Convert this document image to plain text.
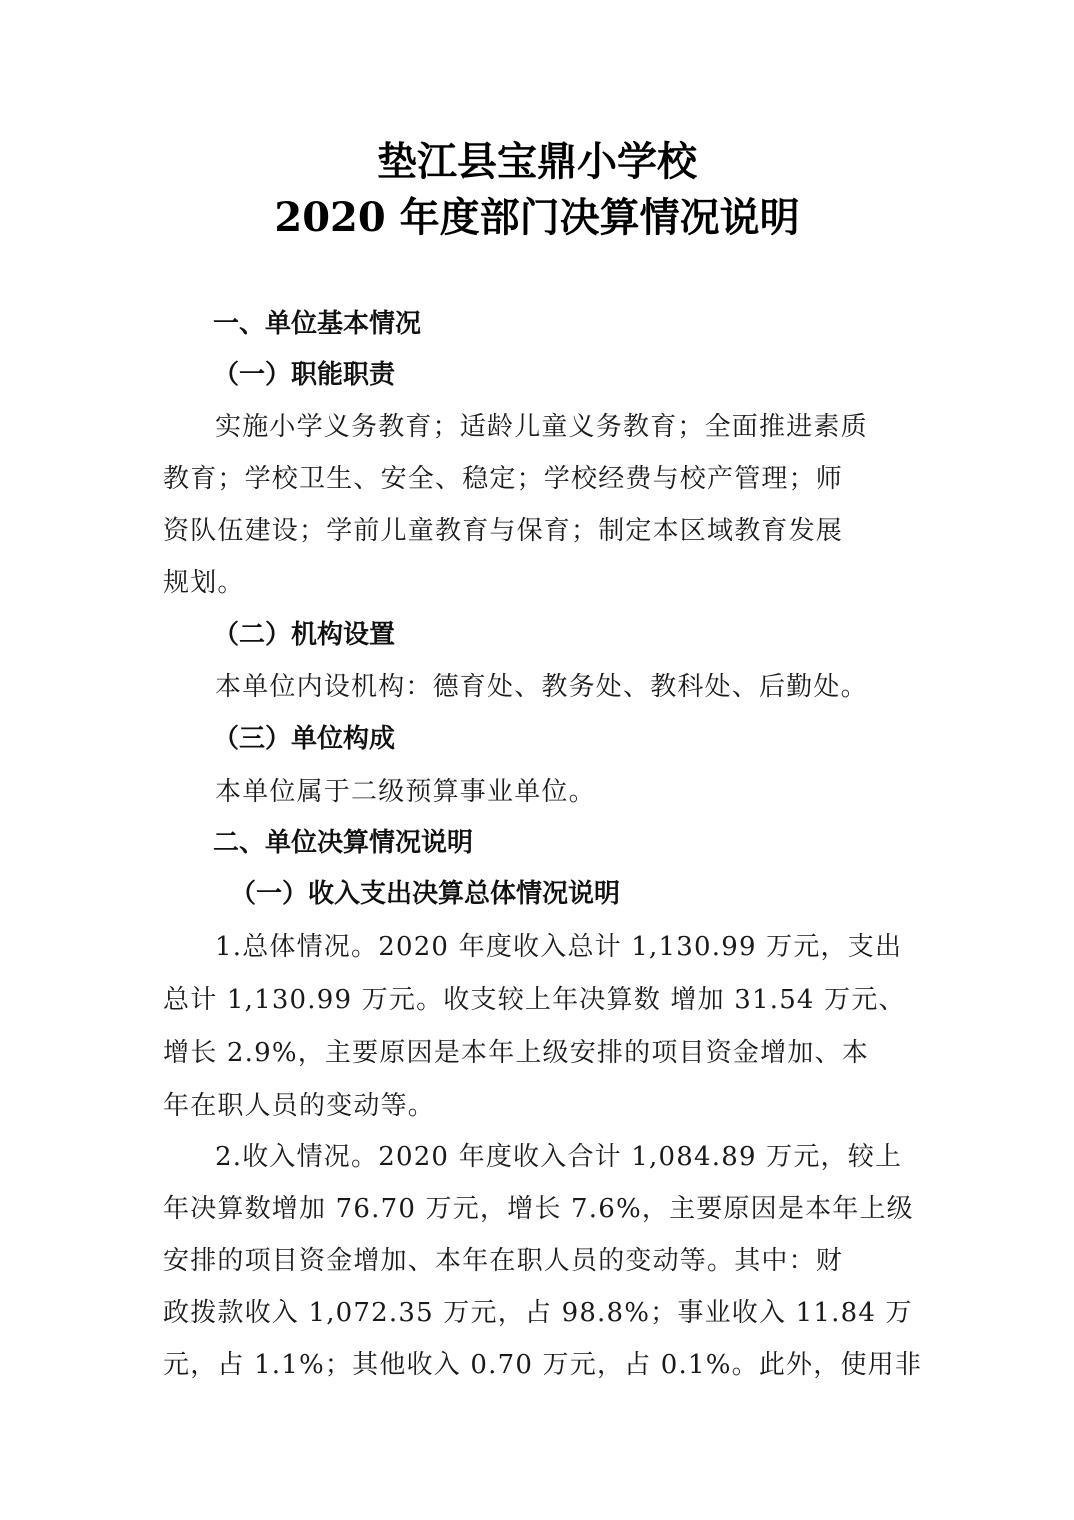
垫江县宝鼎小学校
2020 年度部门决算情况说明
一、单位基本情况
（一）职能职责
实施小学义务教育；适龄儿童义务教育；全面推进素质
教育；学校卫生、安全、稳定；学校经费与校产管理；师
资队伍建设；学前儿童教育与保育；制定本区域教育发展
规划。
（二）机构设置
本单位内设机构：德育处、教务处、教科处、后勤处。
（三）单位构成
本单位属于二级预算事业单位。
二、单位决算情况说明
（一）收入支出决算总体情况说明
1.总体情况。2020 年度收入总计 1,130.99 万元，支出
总计 1,130.99 万元。收支较上年决算数 增加 31.54 万元、
增长 2.9%，主要原因是本年上级安排的项目资金增加、本
年在职人员的变动等。
2.收入情况。2020 年度收入合计 1,084.89 万元，较上
年决算数增加 76.70 万元，增长 7.6%，主要原因是本年上级
安排的项目资金增加、本年在职人员的变动等。其中：财
政拨款收入 1,072.35 万元，占 98.8%；事业收入 11.84 万
元，占 1.1%；其他收入 0.70 万元，占 0.1%。此外，使用非
